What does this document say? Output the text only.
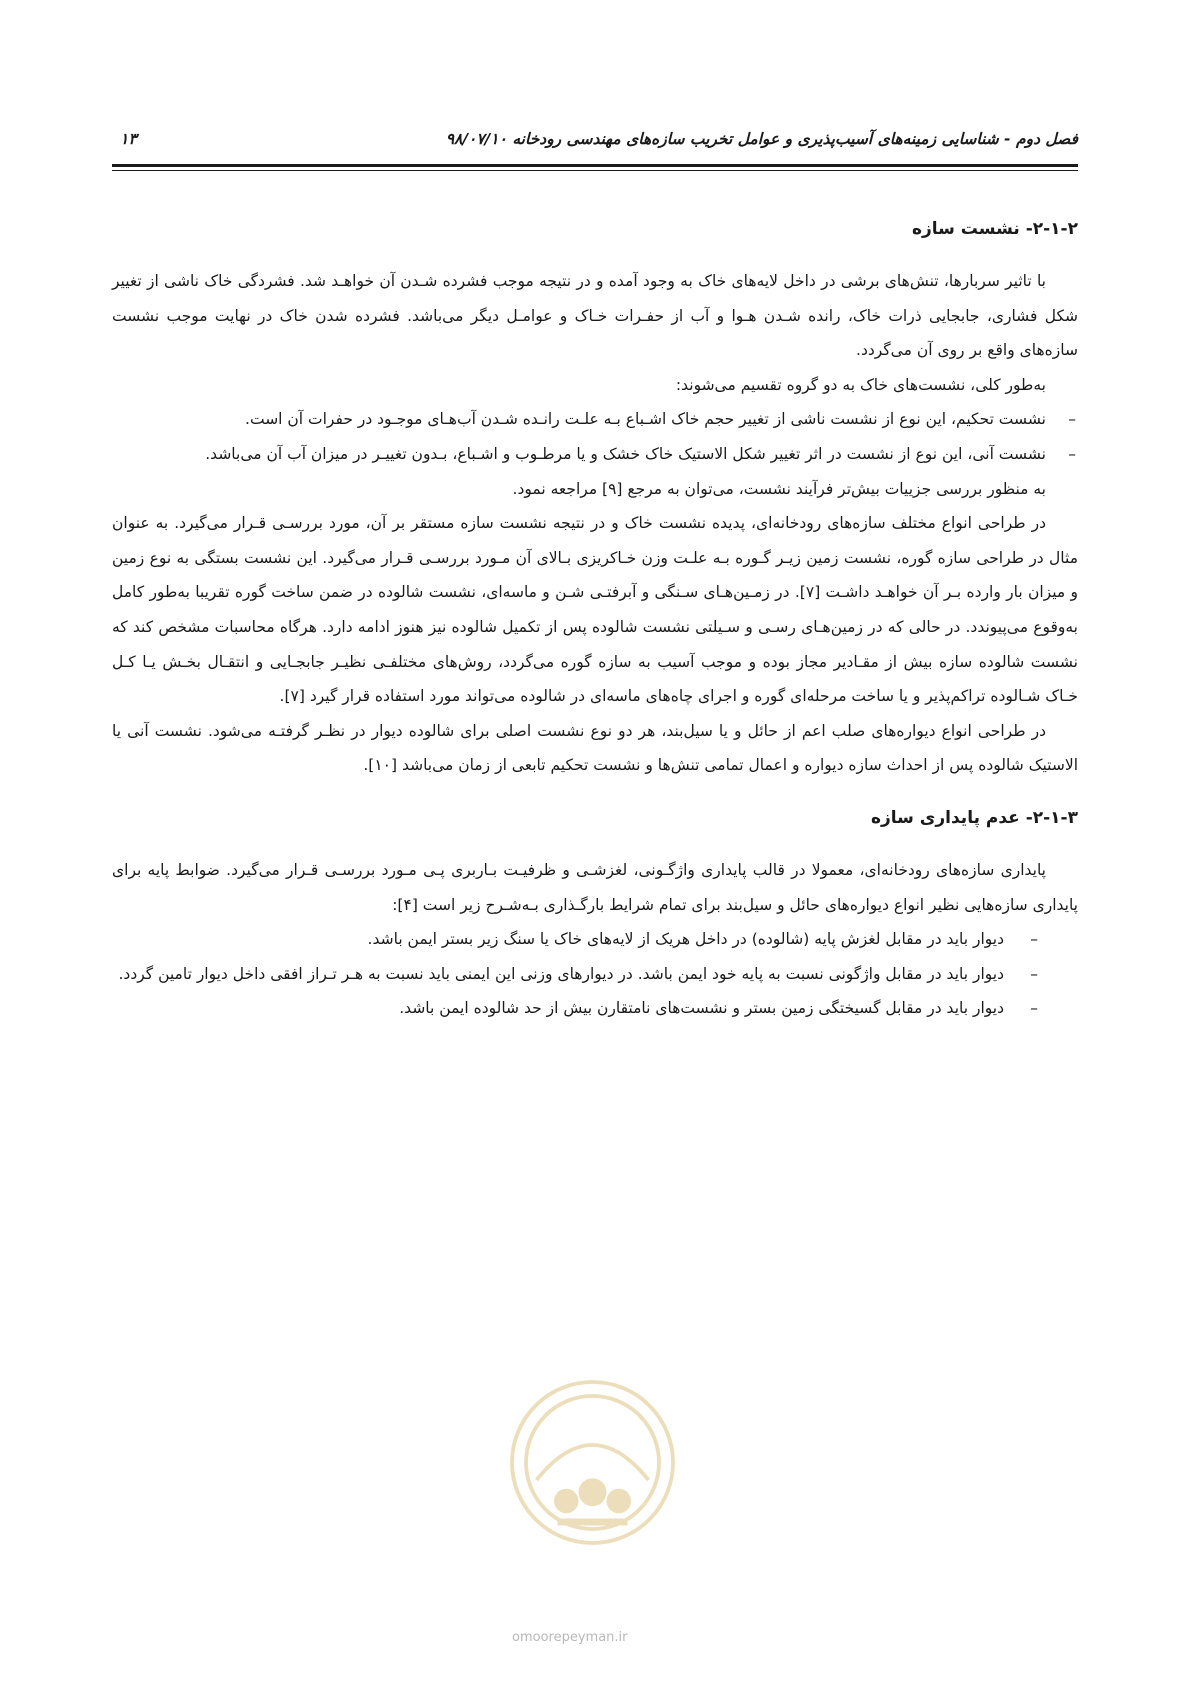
فصل دوم - شناسایی زمینه‌های آسیب‌پذیری و عوامل تخریب سازه‌های مهندسی رودخانه ۹۸/۰۷/۱۰
۱۳
۲-۱-۲- نشست سازه

با تاثیر سربارها، تنش‌های برشی در داخل لایه‌های خاک به وجود آمده و در نتیجه موجب فشرده شـدن آن خواهـد شد. فشردگی خاک ناشی از تغییر شکل فشاری، جابجایی ذرات خاک، رانده شـدن هـوا و آب از حفـرات خـاک و عوامـل دیگر می‌باشد. فشرده شدن خاک در نهایت موجب نشست سازه‌های واقع بر روی آن می‌گردد.

به‌طور کلی، نشست‌های خاک به دو گروه تقسیم می‌شوند:

–
نشست تحکیم، این نوع از نشست ناشی از تغییر حجم خاک اشـباع بـه علـت رانـده شـدن آب‌هـای موجـود در حفرات آن است.
–
نشست آنی، این نوع از نشست در اثر تغییر شکل الاستیک خاک خشک و یا مرطـوب و اشـباع، بـدون تغییـر در میزان آب آن می‌باشد.

به منظور بررسی جزییات بیش‌تر فرآیند نشست، می‌توان به مرجع [۹] مراجعه نمود.

در طراحی انواع مختلف سازه‌های رودخانه‌ای، پدیده نشست خاک و در نتیجه نشست سازه مستقر بر آن، مورد بررسـی قـرار می‌گیرد. به عنوان مثال در طراحی سازه گوره، نشست زمین زیـر گـوره بـه علـت وزن خـاکریزی بـالای آن مـورد بررسـی قـرار می‌گیرد. این نشست بستگی به نوع زمین و میزان بار وارده بـر آن خواهـد داشـت [۷]. در زمـین‌هـای سـنگی و آبرفتـی شـن و ماسه‌ای، نشست شالوده در ضمن ساخت گوره تقریبا به‌طور کامل به‌وقوع می‌پیوندد. در حالی که در زمین‌هـای رسـی و سـیلتی نشست شالوده پس از تکمیل شالوده نیز هنوز ادامه دارد. هرگاه محاسبات مشخص کند که نشست شالوده سازه بیش از مقـادیر مجاز بوده و موجب آسیب به سازه گوره می‌گردد، روش‌های مختلفـی نظیـر جابجـایی و انتقـال بخـش یـا کـل خـاک شـالوده تراکم‌پذیر و یا ساخت مرحله‌ای گوره و اجرای چاه‌های ماسه‌ای در شالوده می‌تواند مورد استفاده قرار گیرد [۷].

در طراحی انواع دیواره‌های صلب اعم از حائل و یا سیل‌بند، هر دو نوع نشست اصلی برای شالوده دیوار در نظـر گرفتـه می‌شود. نشست آنی یا الاستیک شالوده پس از احداث سازه دیواره و اعمال تمامی تنش‌ها و نشست تحکیم تابعی از زمان می‌باشد [۱۰].

۲-۱-۳- عدم پایداری سازه

پایداری سازه‌های رودخانه‌ای، معمولا در قالب پایداری واژگـونی، لغزشـی و ظرفیـت بـاربری پـی مـورد بررسـی قـرار می‌گیرد. ضوابط پایه برای پایداری سازه‌هایی نظیر انواع دیواره‌های حائل و سیل‌بند برای تمام شرایط بارگـذاری بـه‌شـرح زیر است [۴]:

–
دیوار باید در مقابل لغزش پایه (شالوده) در داخل هریک از لایه‌های خاک یا سنگ زیر بستر ایمن باشد.
–
دیوار باید در مقابل واژگونی نسبت به پایه خود ایمن باشد. در دیوارهای وزنی این ایمنی باید نسبت به هـر تـراز افقی داخل دیوار تامین گردد.
–
دیوار باید در مقابل گسیختگی زمین بستر و نشست‌های نامتقارن بیش از حد شالوده ایمن باشد.
omoorepeyman.ir
